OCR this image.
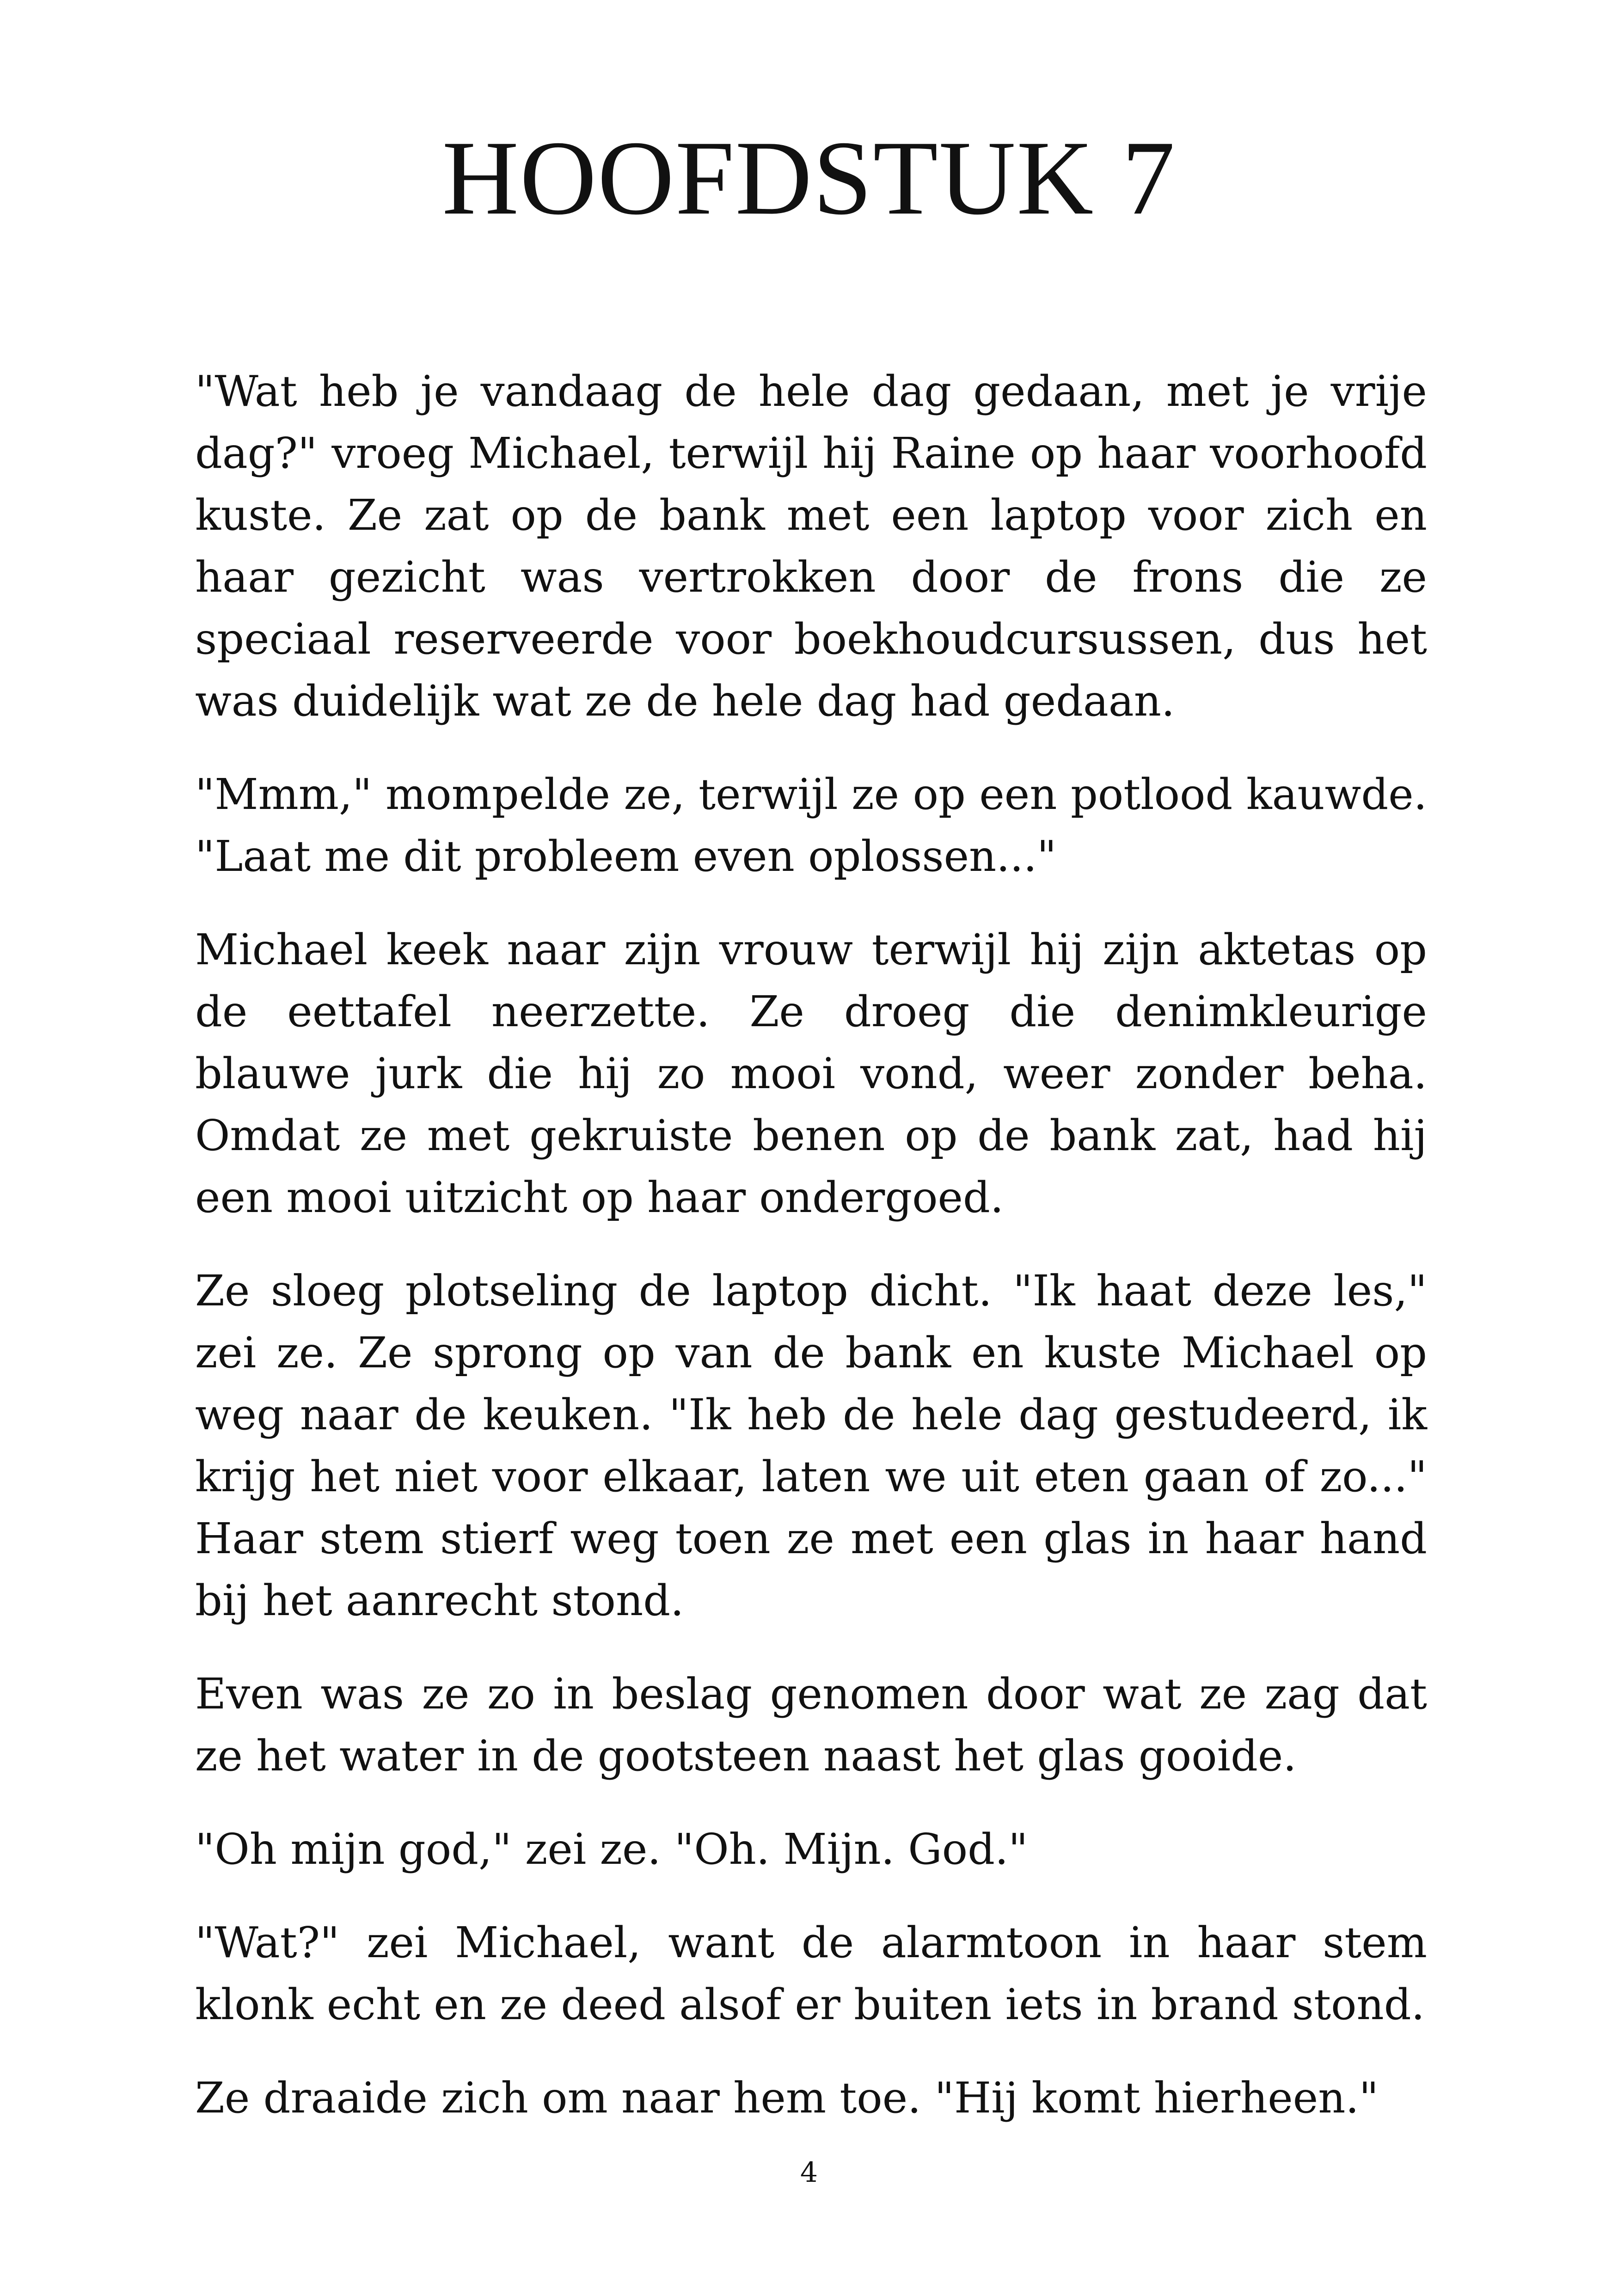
HOOFDSTUK 7

"Wat heb je vandaag de hele dag gedaan, met je vrije dag?" vroeg Michael, terwijl hij Raine op haar voorhoofd kuste. Ze zat op de bank met een laptop voor zich en haar gezicht was vertrokken door de frons die ze speciaal reserveerde voor boekhoudcursussen, dus het was duidelijk wat ze de hele dag had gedaan.

"Mmm," mompelde ze, terwijl ze op een potlood kauwde. "Laat me dit probleem even oplossen..."

Michael keek naar zijn vrouw terwijl hij zijn aktetas op de eettafel neerzette. Ze droeg die denimkleurige blauwe jurk die hij zo mooi vond, weer zonder beha. Omdat ze met gekruiste benen op de bank zat, had hij een mooi uitzicht op haar ondergoed.

Ze sloeg plotseling de laptop dicht. "Ik haat deze les," zei ze. Ze sprong op van de bank en kuste Michael op weg naar de keuken. "Ik heb de hele dag gestudeerd, ik krijg het niet voor elkaar, laten we uit eten gaan of zo..." Haar stem stierf weg toen ze met een glas in haar hand bij het aanrecht stond.

Even was ze zo in beslag genomen door wat ze zag dat ze het water in de gootsteen naast het glas gooide.

"Oh mijn god," zei ze. "Oh. Mijn. God."

"Wat?" zei Michael, want de alarmtoon in haar stem klonk echt en ze deed alsof er buiten iets in brand stond.

Ze draaide zich om naar hem toe. "Hij komt hierheen."

4
